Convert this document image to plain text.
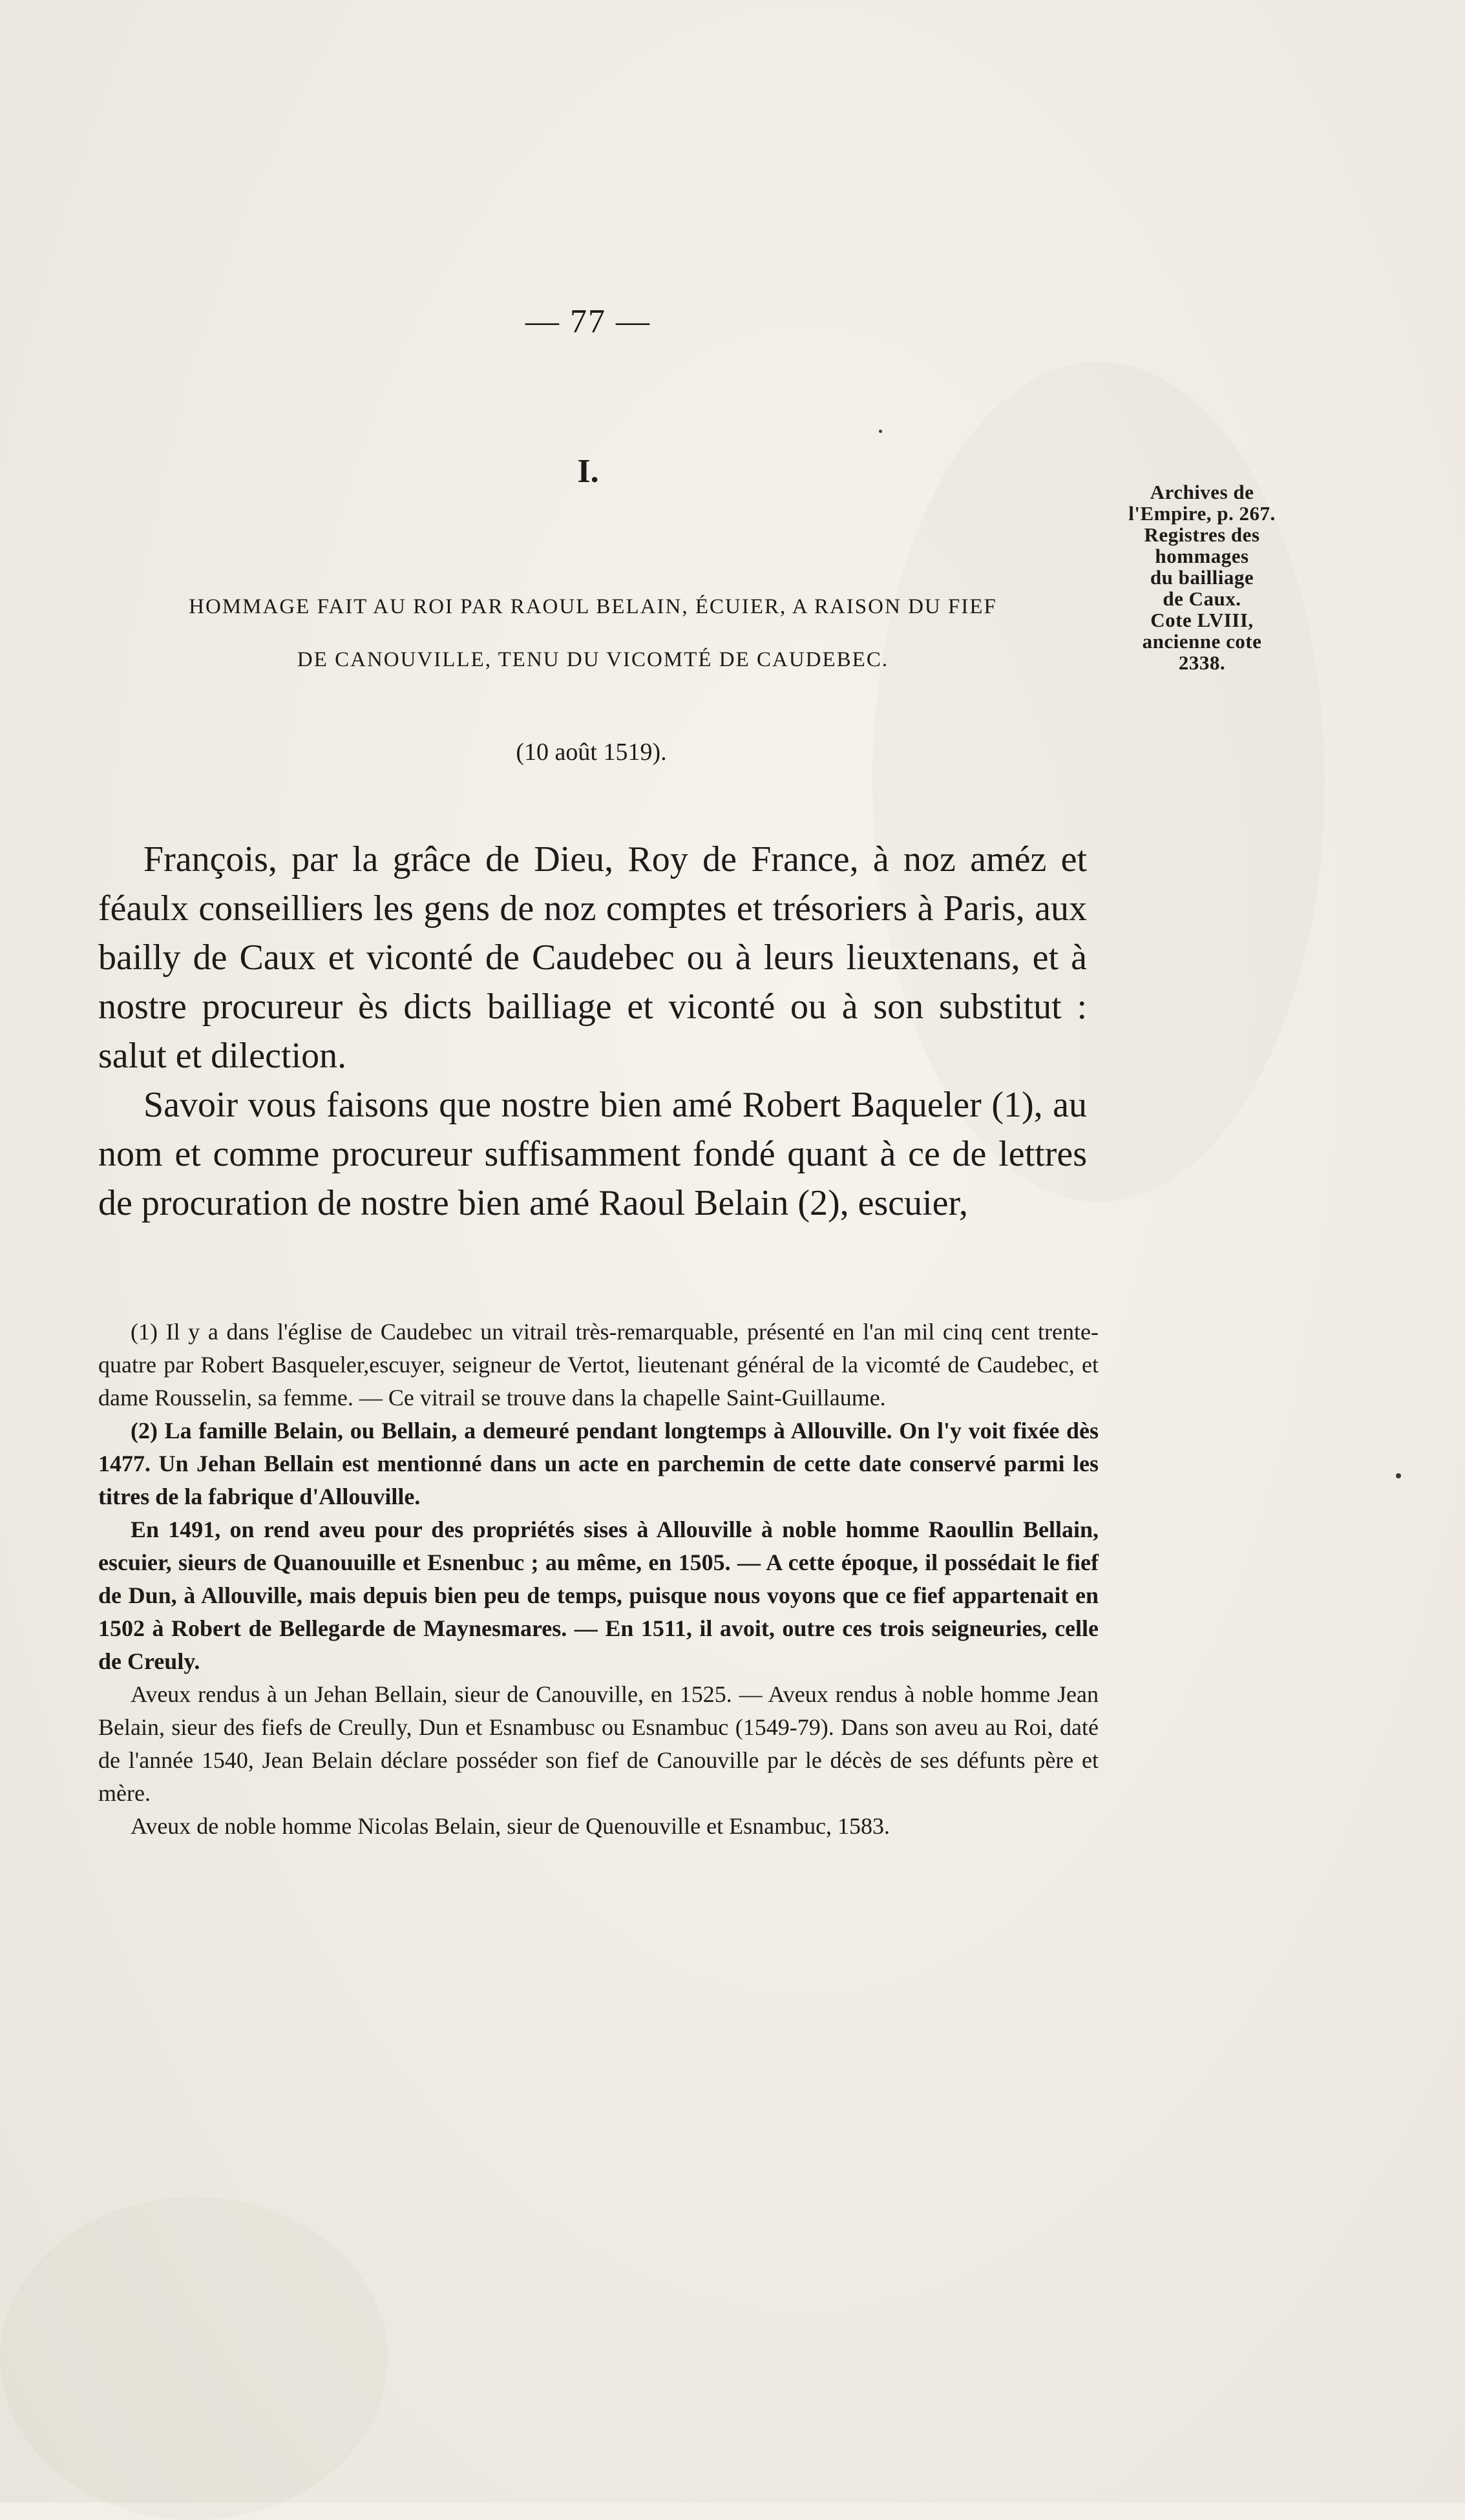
— 77 —
I.
Archives de
l'Empire, p. 267.
Registres des
hommages
du bailliage
de Caux.
Cote LVIII,
ancienne cote
2338.
HOMMAGE FAIT AU ROI PAR RAOUL BELAIN, ÉCUIER, A RAISON DU FIEF
DE CANOUVILLE, TENU DU VICOMTÉ DE CAUDEBEC.
(10 août 1519).

François, par la grâce de Dieu, Roy de France, à noz améz et féaulx conseilliers les gens de noz comptes et trésoriers à Paris, aux bailly de Caux et viconté de Caudebec ou à leurs lieuxtenans, et à nostre procureur ès dicts bailliage et viconté ou à son substitut : salut et dilection.

Savoir vous faisons que nostre bien amé Robert Baqueler (1), au nom et comme procureur suffisamment fondé quant à ce de lettres de procuration de nostre bien amé Raoul Belain (2), escuier,

(1) Il y a dans l'église de Caudebec un vitrail très-remarquable, présenté en l'an mil cinq cent trente-quatre par Robert Basqueler,escuyer, seigneur de Vertot, lieutenant général de la vicomté de Caudebec, et dame Rousselin, sa femme. — Ce vitrail se trouve dans la chapelle Saint-Guillaume.

(2) La famille Belain, ou Bellain, a demeuré pendant longtemps à Allouville. On l'y voit fixée dès 1477. Un Jehan Bellain est mentionné dans un acte en parchemin de cette date conservé parmi les titres de la fabrique d'Allouville.

En 1491, on rend aveu pour des propriétés sises à Allouville à noble homme Raoullin Bellain, escuier, sieurs de Quanouuille et Esnenbuc ; au même, en 1505. — A cette époque, il possédait le fief de Dun, à Allouville, mais depuis bien peu de temps, puisque nous voyons que ce fief appartenait en 1502 à Robert de Bellegarde de Maynesmares. — En 1511, il avoit, outre ces trois seigneuries, celle de Creuly.

Aveux rendus à un Jehan Bellain, sieur de Canouville, en 1525. — Aveux rendus à noble homme Jean Belain, sieur des fiefs de Creully, Dun et Esnambusc ou Esnambuc (1549-79). Dans son aveu au Roi, daté de l'année 1540, Jean Belain déclare posséder son fief de Canouville par le décès de ses défunts père et mère.

Aveux de noble homme Nicolas Belain, sieur de Quenouville et Esnambuc, 1583.
